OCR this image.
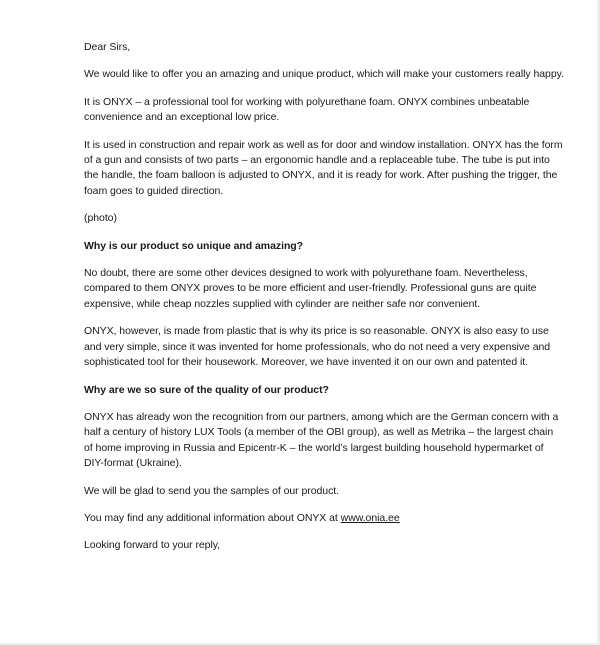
Dear Sirs,

We would like to offer you an amazing and unique product, which will make your customers really happy.

It is ONYX – a professional tool for working with polyurethane foam. ONYX combines unbeatable convenience and an exceptional low price.

It is used in construction and repair work as well as for door and window installation. ONYX has the form of a gun and consists of two parts – an ergonomic handle and a replaceable tube. The tube is put into the handle, the foam balloon is adjusted to ONYX, and it is ready for work. After pushing the trigger, the foam goes to guided direction.

(photo)

Why is our product so unique and amazing?

No doubt, there are some other devices designed to work with polyurethane foam. Nevertheless, compared to them ONYX proves to be more efficient and user-friendly. Professional guns are quite expensive, while cheap nozzles supplied with cylinder are neither safe nor convenient.

ONYX, however, is made from plastic that is why its price is so reasonable. ONYX is also easy to use and very simple, since it was invented for home professionals, who do not need a very expensive and sophisticated tool for their housework. Moreover, we have invented it on our own and patented it.

Why are we so sure of the quality of our product?

ONYX has already won the recognition from our partners, among which are the German concern with a half a century of history LUX Tools (a member of the OBI group), as well as Metrika – the largest chain of home improving in Russia and Epicentr-K – the world’s largest building household hypermarket of DIY-format (Ukraine).

We will be glad to send you the samples of our product.

You may find any additional information about ONYX at www.onia.ee

Looking forward to your reply,
